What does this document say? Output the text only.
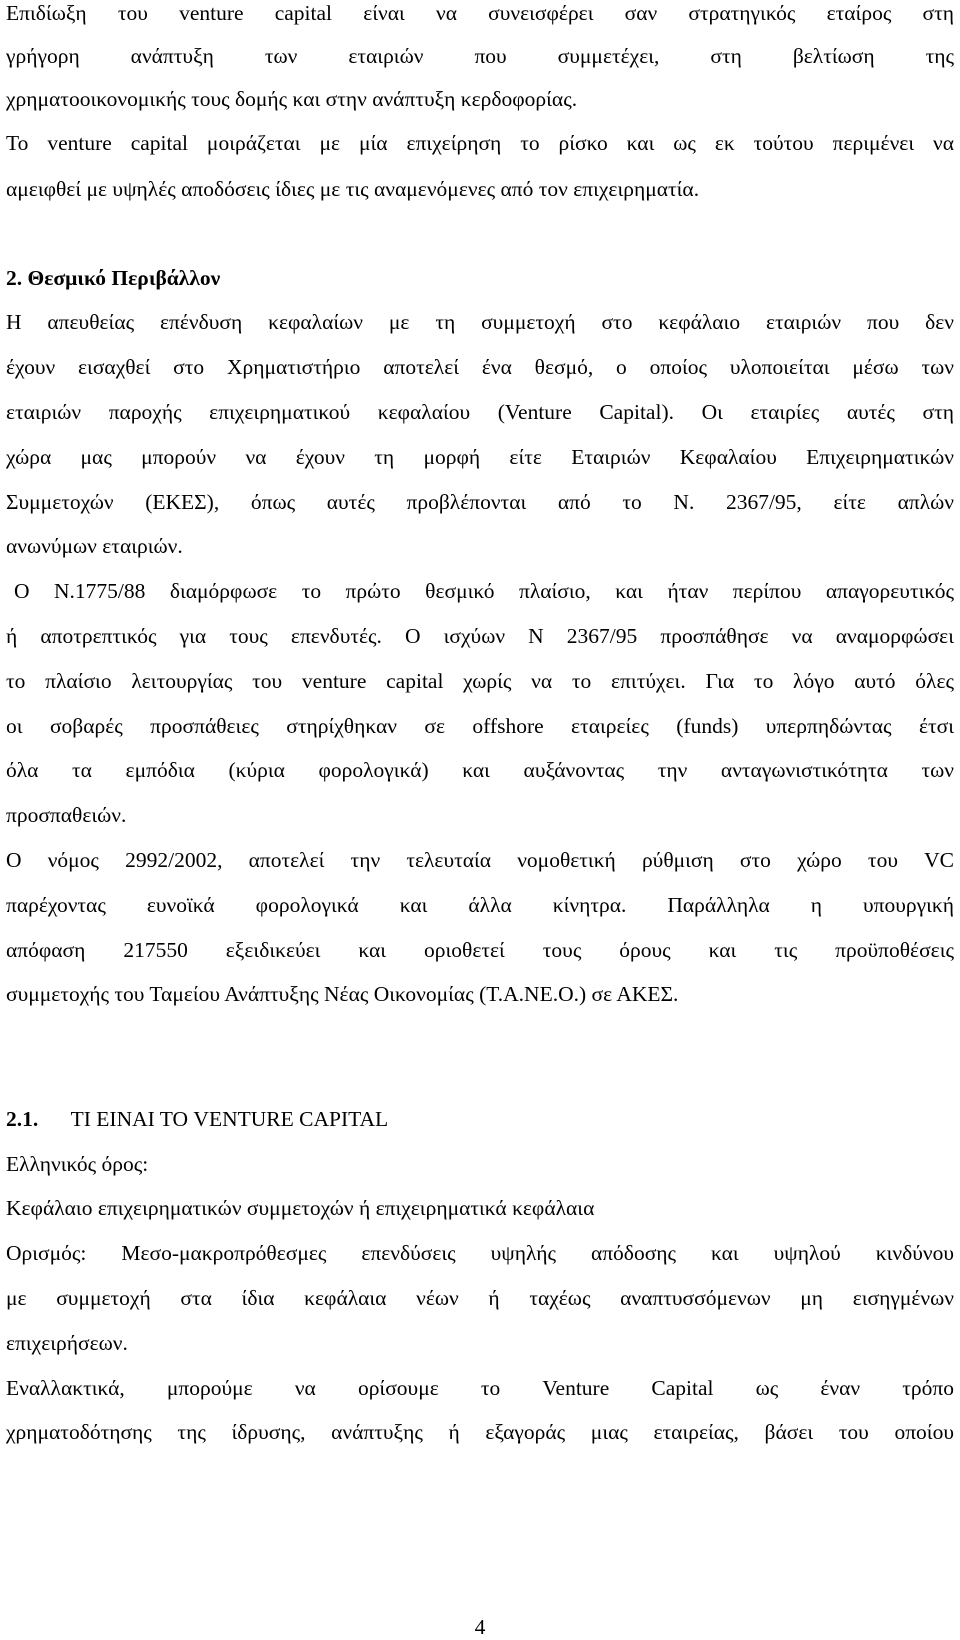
Επιδίωξη του venture capital είναι να συνεισφέρει σαν στρατηγικός εταίρος στη
γρήγορη ανάπτυξη των εταιριών που συμμετέχει, στη βελτίωση της
χρηματοοικονομικής τους δομής και στην ανάπτυξη κερδοφορίας.
Το venture capital μοιράζεται με μία επιχείρηση το ρίσκο και ως εκ τούτου περιμένει να
αμειφθεί με υψηλές αποδόσεις ίδιες με τις αναμενόμενες από τον επιχειρηματία.
2. Θεσμικό Περιβάλλον
Η απευθείας επένδυση κεφαλαίων με τη συμμετοχή στο κεφάλαιο εταιριών που δεν
έχουν εισαχθεί στο Χρηματιστήριο αποτελεί ένα θεσμό, ο οποίος υλοποιείται μέσω των
εταιριών παροχής επιχειρηματικού κεφαλαίου (Venture Capital). Οι εταιρίες αυτές στη
χώρα μας μπορούν να έχουν τη μορφή είτε Εταιριών Κεφαλαίου Επιχειρηματικών
Συμμετοχών (ΕΚΕΣ), όπως αυτές προβλέπονται από το Ν. 2367/95, είτε απλών
ανωνύμων εταιριών.
Ο Ν.1775/88 διαμόρφωσε το πρώτο θεσμικό πλαίσιο, και ήταν περίπου απαγορευτικός
ή αποτρεπτικός για τους επενδυτές. Ο ισχύων Ν 2367/95 προσπάθησε να αναμορφώσει
το πλαίσιο λειτουργίας του venture capital χωρίς να το επιτύχει. Για το λόγο αυτό όλες
οι σοβαρές προσπάθειες στηρίχθηκαν σε offshore εταιρείες (funds) υπερπηδώντας έτσι
όλα τα εμπόδια (κύρια φορολογικά) και αυξάνοντας την ανταγωνιστικότητα των
προσπαθειών.
Ο νόμος 2992/2002, αποτελεί την τελευταία νομοθετική ρύθμιση στο χώρο του VC
παρέχοντας ευνοϊκά φορολογικά και άλλα κίνητρα. Παράλληλα η υπουργική
απόφαση 217550 εξειδικεύει και οριοθετεί τους όρους και τις προϋποθέσεις
συμμετοχής του Ταμείου Ανάπτυξης Νέας Οικονομίας (Τ.Α.ΝΕ.Ο.) σε ΑΚΕΣ.
2.1. ΤΙ ΕΙΝΑΙ ΤΟ VENTURE CAPITAL
Ελληνικός όρος:
Κεφάλαιο επιχειρηματικών συμμετοχών ή επιχειρηματικά κεφάλαια
Ορισμός: Μεσο-μακροπρόθεσμες επενδύσεις υψηλής απόδοσης και υψηλού κινδύνου
με συμμετοχή στα ίδια κεφάλαια νέων ή ταχέως αναπτυσσόμενων μη εισηγμένων
επιχειρήσεων.
Εναλλακτικά, μπορούμε να ορίσουμε το Venture Capital ως έναν τρόπο
χρηματοδότησης της ίδρυσης, ανάπτυξης ή εξαγοράς μιας εταιρείας, βάσει του οποίου
4
